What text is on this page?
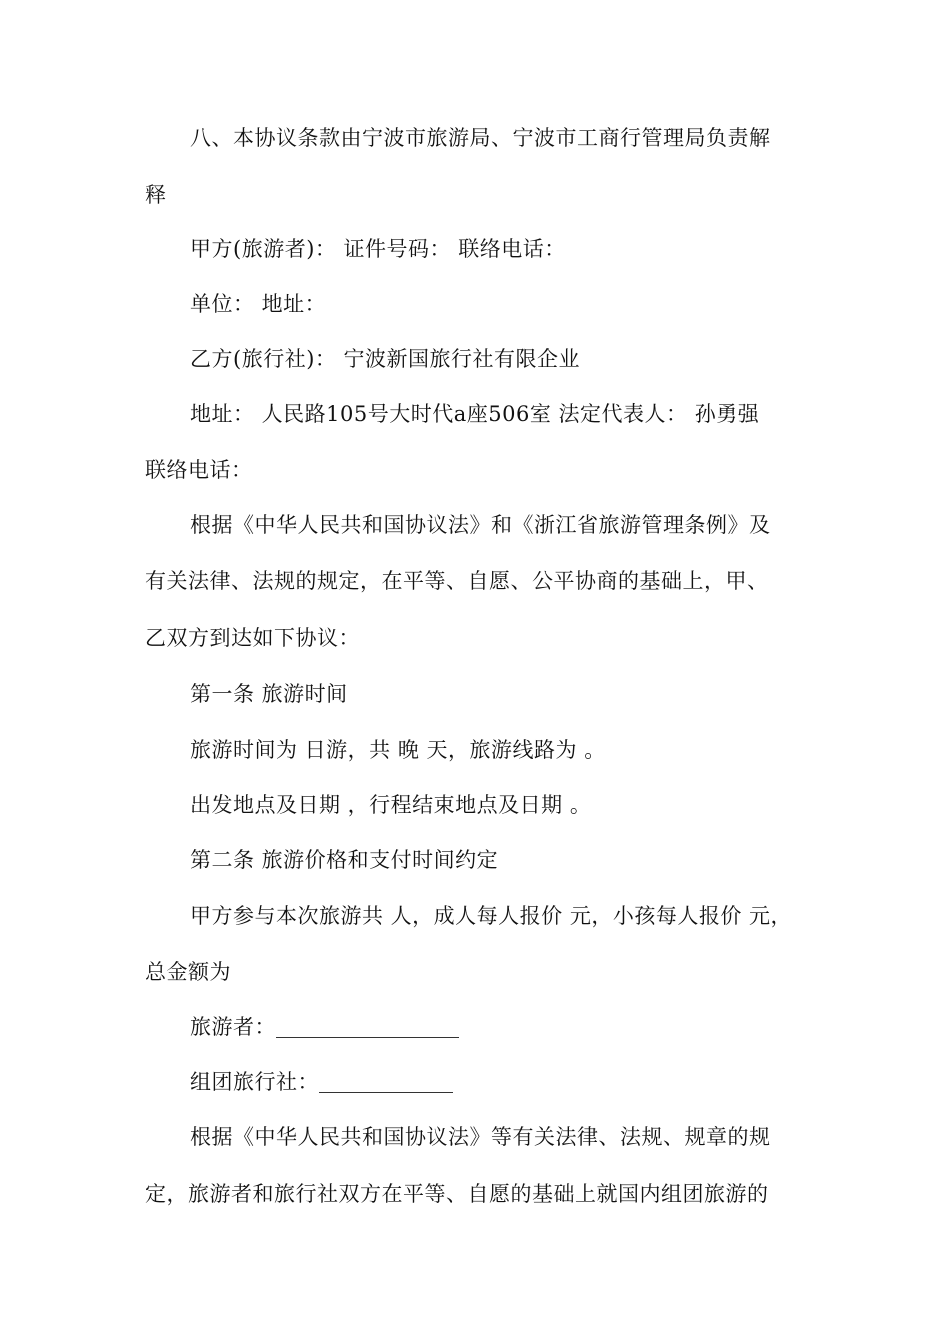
八、本协议条款由宁波市旅游局、宁波市工商行管理局负责解
释
甲方(旅游者)： 证件号码： 联络电话：
单位： 地址：
乙方(旅行社)： 宁波新国旅行社有限企业
地址： 人民路105号大时代a座506室 法定代表人： 孙勇强
联络电话：
根据《中华人民共和国协议法》和《浙江省旅游管理条例》及
有关法律、法规的规定，在平等、自愿、公平协商的基础上，甲、
乙双方到达如下协议：
第一条 旅游时间
旅游时间为 日游，共 晚 天，旅游线路为 。
出发地点及日期 ，行程结束地点及日期 。
第二条 旅游价格和支付时间约定
甲方参与本次旅游共 人，成人每人报价 元，小孩每人报价 元，
总金额为
旅游者：
组团旅行社：
根据《中华人民共和国协议法》等有关法律、法规、规章的规
定，旅游者和旅行社双方在平等、自愿的基础上就国内组团旅游的
